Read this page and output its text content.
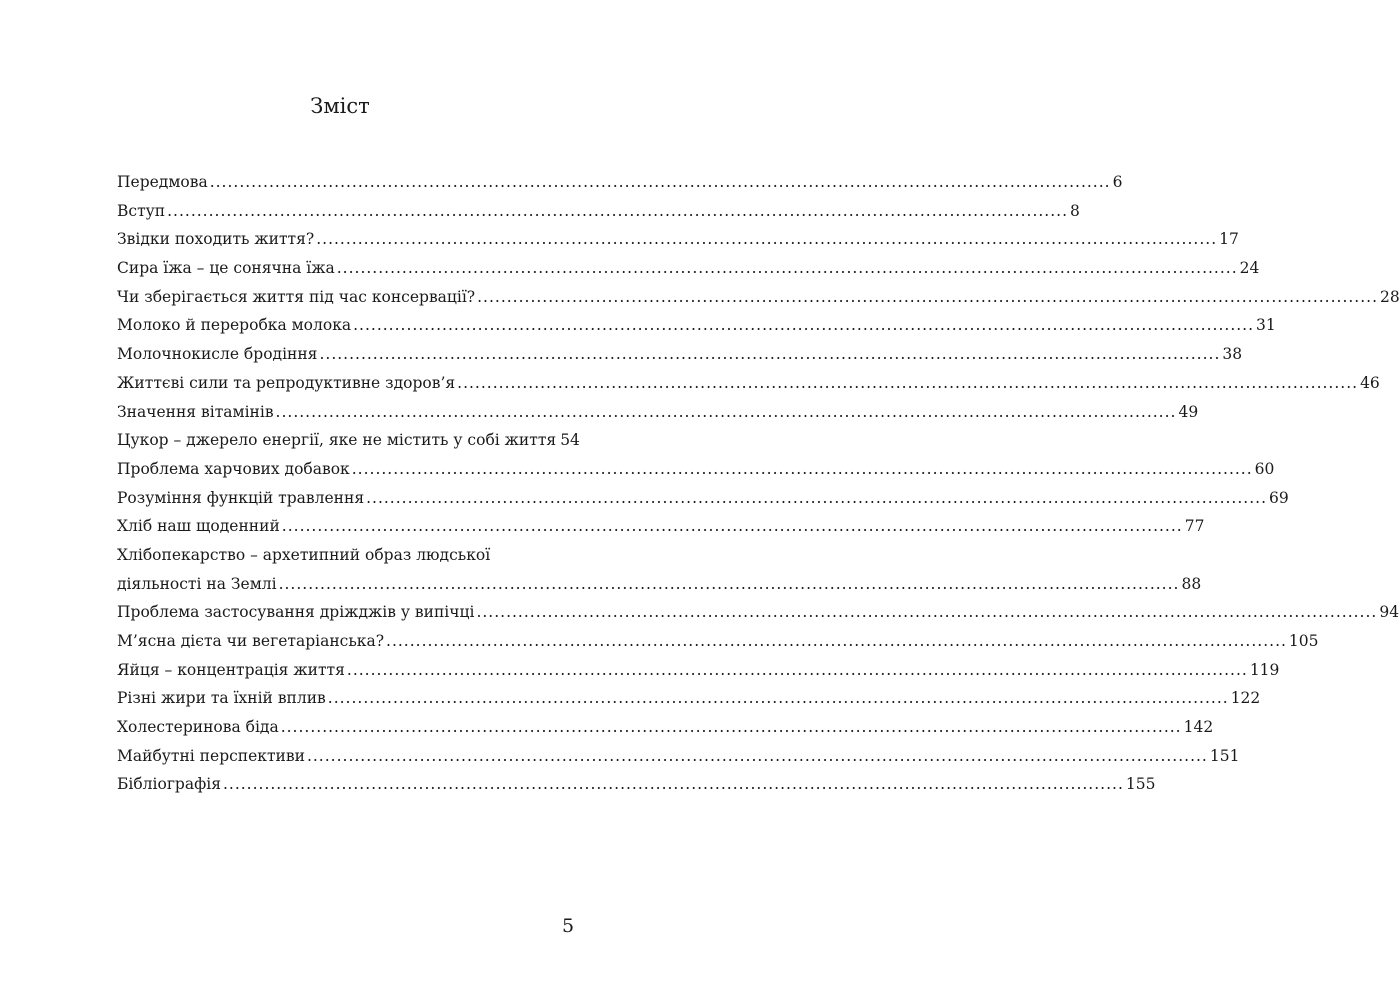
Зміст
Передмова .....	6
Вступ .....	8
Звідки походить життя? .....	17
Сира їжа – це сонячна їжа .....	24
Чи зберігається життя під час консервації? .....	28
Молоко й переробка молока .....	31
Молочнокисле бродіння .....	38
Життєві сили та репродуктивне здоров’я .....	46
Значення вітамінів .....	49
Цукор – джерело енергії, яке не містить у собі життя 54
Проблема харчових добавок .....	60
Розуміння функцій травлення .....	69
Хліб наш щоденний .....	77
Хлібопекарство – архетипний образ людської
діяльності на Землі .....	88
Проблема застосування дріжджів у випічці .....	94
М’ясна дієта чи вегетаріанська? .....	105
Яйця – концентрація життя .....	119
Різні жири та їхній вплив .....	122
Холестеринова біда .....	142
Майбутні перспективи .....	151
Бібліографія .....	155
5
